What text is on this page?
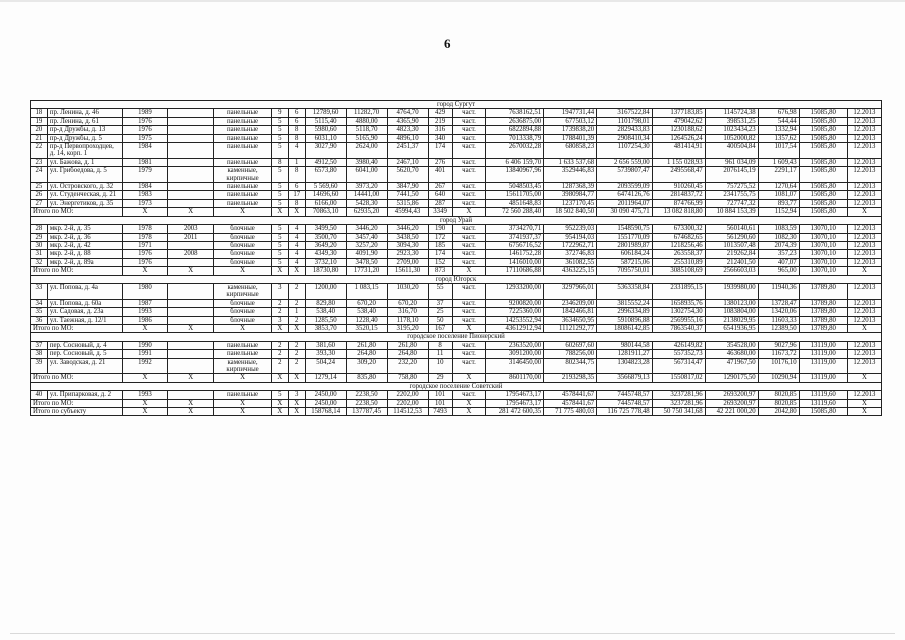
6
город Сургут																			
18	пр. Ленина, д. 46	1989		панельные	9	6	12789,60	11282,70	4764,70	429	част.	7638162,51	1947731,44	3167522,84	1377183,85	1145724,38	676,98	15085,80	12.2013
19	пр. Ленина, д. 61	1976		панельные	5	6	5115,40	4880,00	4365,90	219	част.	2636875,00	677503,12	1101798,01	479042,62	398531,25	544,44	15085,80	12.2013
20	пр-д Дружбы, д. 13	1976		панельные	5	8	5980,60	5118,70	4823,30	316	част.	6822894,88	1739838,20	2829433,83	1230188,62	1023434,23	1332,94	15085,80	12.2013
21	пр-д Дружбы, д. 5	1975		панельные	5	8	6031,10	5165,90	4896,10	340	част.	7013338,79	1788401,39	2908410,34	1264526,24	1052000,82	1357,62	15085,80	12.2013
22	пр-д Первопроходцев, д. 14, корп. 1	1984		панельные	5	4	3027,90	2624,00	2451,37	174	част.	2670032,28	680858,23	1107254,30	481414,91	400504,84	1017,54	15085,80	12.2013
23	ул. Бажова, д. 1	1981		панельные	8	1	4912,50	3980,40	2467,10	276	част.	6 406 159,70	1 633 537,68	2 656 559,00	1 155 028,93	961 034,09	1 609,43	15085,80	12.2013
24	ул. Грибоедова, д. 5	1979		каменные, кирпичные	5	8	6573,80	6041,00	5620,70	401	част.	13840967,96	3529446,83	5739807,47	2495568,47	2076145,19	2291,17	15085,80	12.2013
25	ул. Островского, д. 32	1984		панельные	5	6	5 569,60	3973,20	3847,90	267	част.	5048503,45	1287368,39	2093599,09	910260,45	757275,52	1270,64	15085,80	12.2013
26	ул. Студенческая, д. 21	1983		панельные	5	17	14696,60	14441,00	7441,50	640	част.	15611705,00	3980984,77	6474126,76	2814837,72	2341755,75	1081,07	15085,80	12.2013
27	ул. Энергетиков, д. 35	1973		панельные	5	8	6166,00	5428,30	5315,86	287	част.	4851648,83	1237170,45	2011964,07	874766,99	727747,32	893,77	15085,80	12.2013
Итого по МО:		X	X	X	X	X	70863,10	62935,20	45994,43	3349	X	72 560 288,40	18 502 840,50	30 090 475,71	13 082 818,80	10 884 153,39	1152,94	15085,80	X
город Урай																			
28	мкр. 2-й, д. 35	1978	2003	блочные	5	4	3499,50	3446,20	3446,20	190	част.	3734270,71	952239,03	1548590,75	673300,32	560140,61	1083,59	13070,10	12.2013
29	мкр. 2-й, д. 36	1978	2011	блочные	5	4	3500,70	3457,40	3438,50	172	част.	3741937,37	954194,03	1551770,09	674682,65	561290,60	1082,30	13070,10	12.2013
30	мкр. 2-й, д. 42	1971		блочные	5	4	3649,20	3257,20	3094,30	185	част.	6756716,52	1722962,71	2801989,87	1218256,46	1013507,48	2074,39	13070,10	12.2013
31	мкр. 2-й, д. 88	1976	2008	блочные	5	4	4349,30	4091,90	2923,30	174	част.	1461752,28	372746,83	606184,24	263558,37	219262,84	357,23	13070,10	12.2013
32	мкр. 2-й, д. 89а	1976		блочные	5	4	3732,10	3478,50	2709,00	152	част.	1416010,00	361082,55	587215,06	255310,89	212401,50	407,07	13070,10	12.2013
Итого по МО:		X	X	X	X	X	18730,80	17731,20	15611,30	873	X	17110686,88	4363225,15	7095750,01	3085108,69	2566603,03	965,00	13070,10	X
город Югорск																			
33	ул. Попова, д. 4а	1980		каменные, кирпичные	3	2	1200,00	1 083,15	1030,20	55	част.	12933200,00	3297966,01	5363358,84	2331895,15	1939980,00	11940,36	13789,80	12.2013
34	ул. Попова, д. 60а	1987		блочные	2	2	829,80	670,20	670,20	37	част.	9200820,00	2346209,00	3815552,24	1658935,76	1380123,00	13728,47	13789,80	12.2013
35	ул. Садовая, д. 23а	1993		блочные	2	1	538,40	538,40	316,70	25	част.	7225360,00	1842466,81	2996334,89	1302754,30	1083804,00	13420,06	13789,80	12.2013
36	ул. Таежная, д. 12/1	1986		блочные	3	2	1285,50	1228,40	1178,10	50	част.	14253552,94	3634650,95	5910896,88	2569955,16	2138029,95	11603,33	13789,80	12.2013
Итого по МО:		X	X	X	X	X	3853,70	3520,15	3195,20	167	X	43612912,94	11121292,77	18086142,85	7863540,37	6541936,95	12389,50	13789,80	X
городское поселение Пионерский																			
37	пер. Сосновый, д. 4	1990		панельные	2	2	381,60	261,80	261,80	8	част.	2363520,00	602697,60	980144,58	426149,82	354528,00	9027,96	13119,00	12.2013
38	пер. Сосновый, д. 5	1991		панельные	2	2	393,30	264,80	264,80	11	част.	3091200,00	788256,00	1281911,27	557352,73	463680,00	11673,72	13119,00	12.2013
39	ул. Заводская, д. 21	1992		каменные, кирпичные	2	2	504,24	309,20	232,20	10	част.	3146450,00	802344,75	1304823,28	567314,47	471967,50	10176,10	13119,00	12.2013
Итого по МО:		X	X	X	X	X	1279,14	835,80	758,80	29	X	8601170,00	2193298,35	3566879,13	1550817,02	1290175,50	10290,94	13119,00	X
городское поселение Советский																			
40	ул. Припарковая, д. 2	1993		панельные	5	3	2450,00	2238,50	2202,00	101	част.	17954673,17	4578441,67	7445748,57	3237281,96	2693200,97	8020,85	13119,60	12.2013
Итого по МО:		X	X	X	X	X	2450,00	2238,50	2202,00	101	X	17954673,17	4578441,67	7445748,57	3237281,96	2693200,97	8020,85	13119,60	X
Итого по субъекту		X	X	X	X	X	158768,14	137787,45	114512,53	7493	X	281 472 600,35	71 775 480,03	116 725 778,48	50 750 341,68	42 221 000,20	2042,80	15085,80	X
